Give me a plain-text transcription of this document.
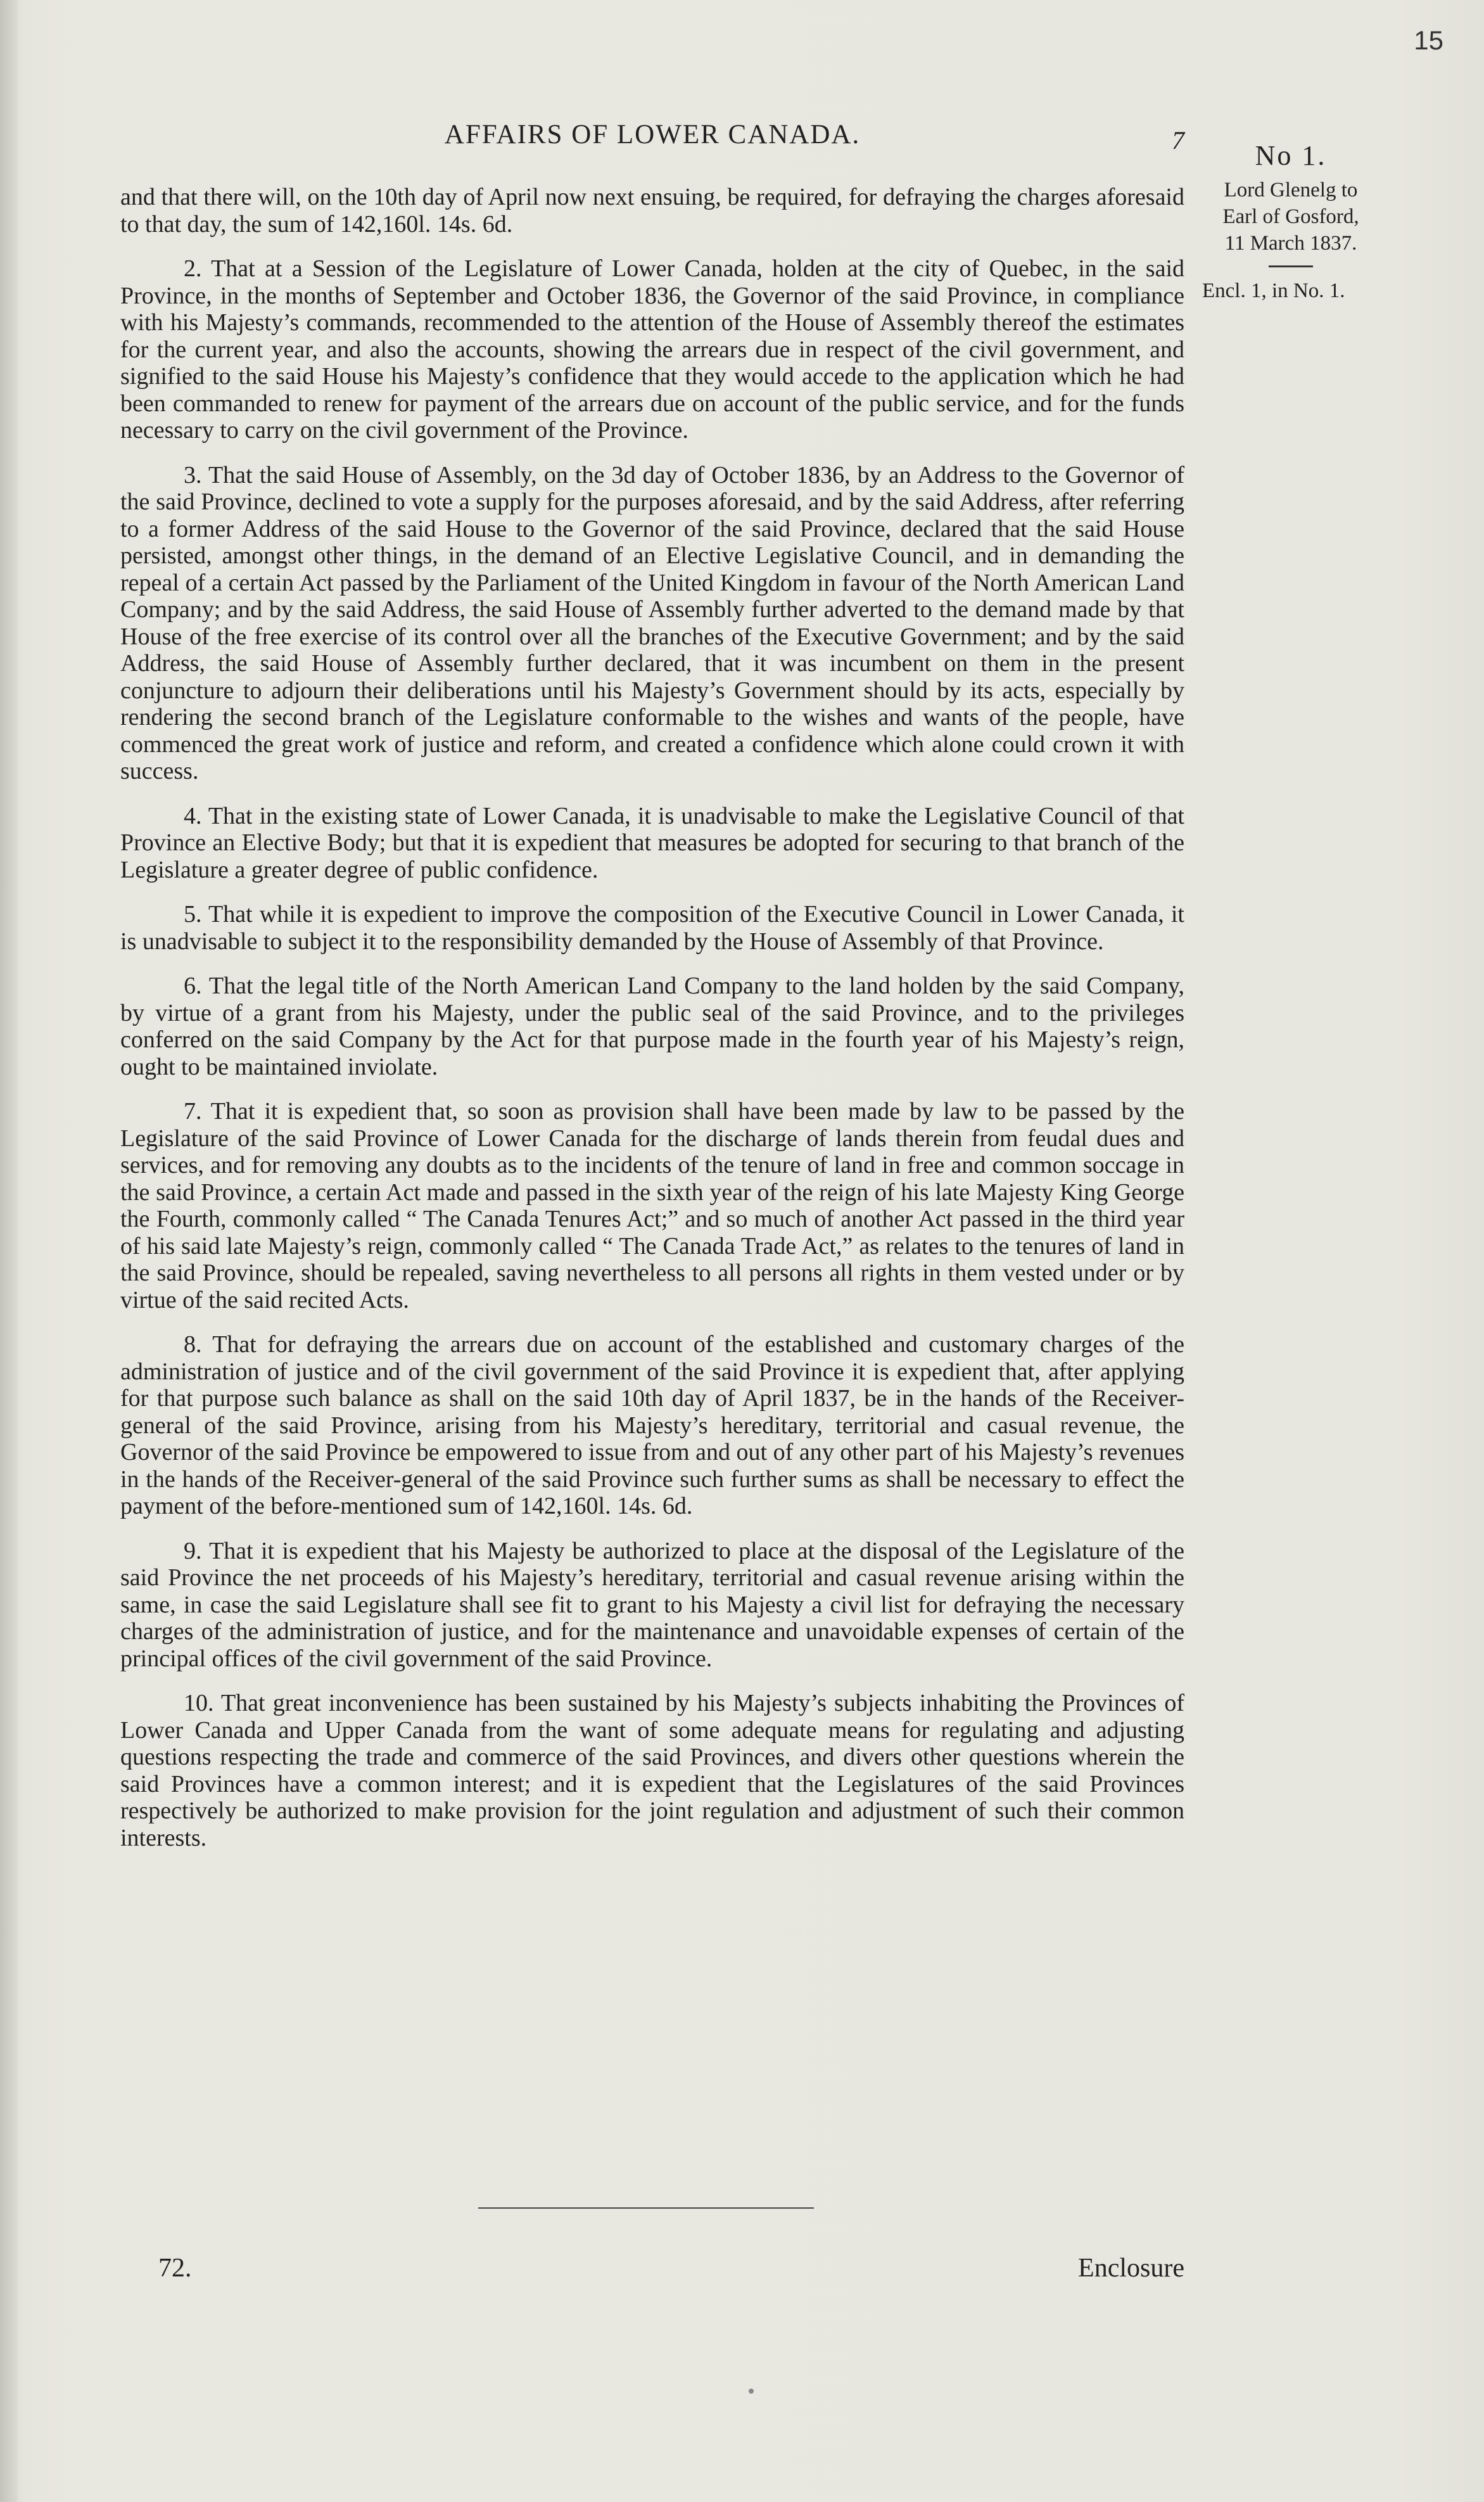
15
AFFAIRS OF LOWER CANADA.	7	No 1.
Lord Glenelg to
Earl of Gosford,
11 March 1837.
Encl. 1, in No. 1.

and that there will, on the 10th day of April now next ensuing, be required, for defraying the charges aforesaid to that day, the sum of 142,160l. 14s. 6d.

2. That at a Session of the Legislature of Lower Canada, holden at the city of Quebec, in the said Province, in the months of September and October 1836, the Governor of the said Province, in compliance with his Majesty’s commands, recommended to the attention of the House of Assembly thereof the estimates for the current year, and also the accounts, showing the arrears due in respect of the civil government, and signified to the said House his Majesty’s confidence that they would accede to the application which he had been commanded to renew for payment of the arrears due on account of the public service, and for the funds necessary to carry on the civil government of the Province.

3. That the said House of Assembly, on the 3d day of October 1836, by an Address to the Governor of the said Province, declined to vote a supply for the purposes aforesaid, and by the said Address, after referring to a former Address of the said House to the Governor of the said Province, declared that the said House persisted, amongst other things, in the demand of an Elective Legislative Council, and in demanding the repeal of a certain Act passed by the Parliament of the United Kingdom in favour of the North American Land Company; and by the said Address, the said House of Assembly further adverted to the demand made by that House of the free exercise of its control over all the branches of the Executive Government; and by the said Address, the said House of Assembly further declared, that it was incumbent on them in the present conjuncture to adjourn their deliberations until his Majesty’s Government should by its acts, especially by rendering the second branch of the Legislature conformable to the wishes and wants of the people, have commenced the great work of justice and reform, and created a confidence which alone could crown it with success.

4. That in the existing state of Lower Canada, it is unadvisable to make the Legislative Council of that Province an Elective Body; but that it is expedient that measures be adopted for securing to that branch of the Legislature a greater degree of public confidence.

5. That while it is expedient to improve the composition of the Executive Council in Lower Canada, it is unadvisable to subject it to the responsibility demanded by the House of Assembly of that Province.

6. That the legal title of the North American Land Company to the land holden by the said Company, by virtue of a grant from his Majesty, under the public seal of the said Province, and to the privileges conferred on the said Company by the Act for that purpose made in the fourth year of his Majesty’s reign, ought to be maintained inviolate.

7. That it is expedient that, so soon as provision shall have been made by law to be passed by the Legislature of the said Province of Lower Canada for the discharge of lands therein from feudal dues and services, and for removing any doubts as to the incidents of the tenure of land in free and common soccage in the said Province, a certain Act made and passed in the sixth year of the reign of his late Majesty King George the Fourth, commonly called “ The Canada Tenures Act;” and so much of another Act passed in the third year of his said late Majesty’s reign, commonly called “ The Canada Trade Act,” as relates to the tenures of land in the said Province, should be repealed, saving nevertheless to all persons all rights in them vested under or by virtue of the said recited Acts.

8. That for defraying the arrears due on account of the established and customary charges of the administration of justice and of the civil government of the said Province it is expedient that, after applying for that purpose such balance as shall on the said 10th day of April 1837, be in the hands of the Receiver-general of the said Province, arising from his Majesty’s hereditary, territorial and casual revenue, the Governor of the said Province be empowered to issue from and out of any other part of his Majesty’s revenues in the hands of the Receiver-general of the said Province such further sums as shall be necessary to effect the payment of the before-mentioned sum of 142,160l. 14s. 6d.

9. That it is expedient that his Majesty be authorized to place at the disposal of the Legislature of the said Province the net proceeds of his Majesty’s hereditary, territorial and casual revenue arising within the same, in case the said Legislature shall see fit to grant to his Majesty a civil list for defraying the necessary charges of the administration of justice, and for the maintenance and unavoidable expenses of certain of the principal offices of the civil government of the said Province.

10. That great inconvenience has been sustained by his Majesty’s subjects inhabiting the Provinces of Lower Canada and Upper Canada from the want of some adequate means for regulating and adjusting questions respecting the trade and commerce of the said Provinces, and divers other questions wherein the said Provinces have a common interest; and it is expedient that the Legislatures of the said Provinces respectively be authorized to make provision for the joint regulation and adjustment of such their common interests.

72.	Enclosure
